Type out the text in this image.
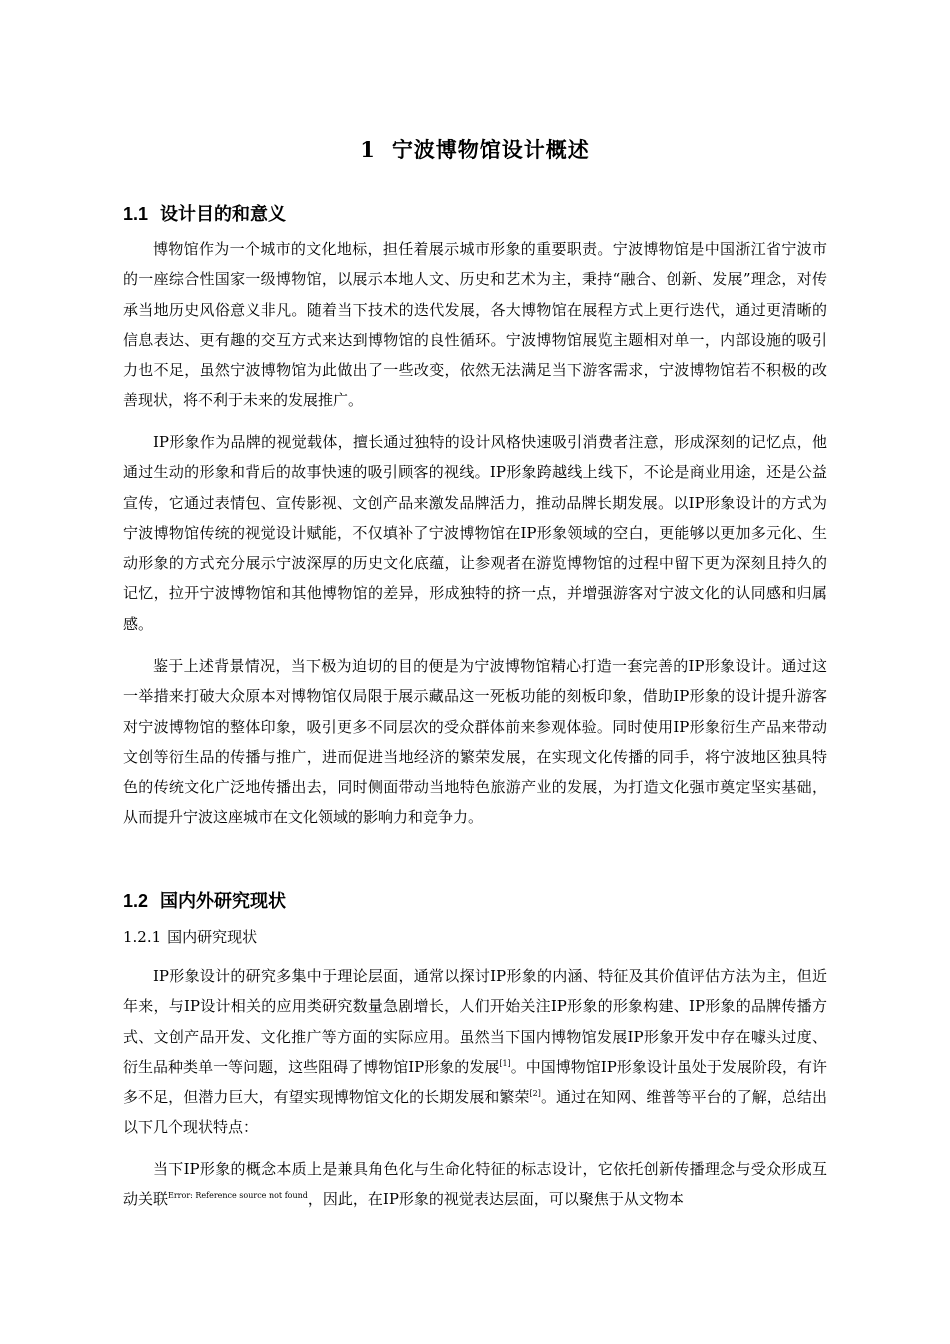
1 宁波博物馆设计概述
1.1 设计目的和意义

博物馆作为一个城市的文化地标，担任着展示城市形象的重要职责。宁波博物馆是中国浙江省宁波市的一座综合性国家一级博物馆，以展示本地人文、历史和艺术为主，秉持“融合、创新、发展”理念，对传承当地历史风俗意义非凡。随着当下技术的迭代发展，各大博物馆在展程方式上更行迭代，通过更清晰的信息表达、更有趣的交互方式来达到博物馆的良性循环。宁波博物馆展览主题相对单一，内部设施的吸引力也不足，虽然宁波博物馆为此做出了一些改变，依然无法满足当下游客需求，宁波博物馆若不积极的改善现状，将不利于未来的发展推广。

IP形象作为品牌的视觉载体，擅长通过独特的设计风格快速吸引消费者注意，形成深刻的记忆点，他通过生动的形象和背后的故事快速的吸引顾客的视线。IP形象跨越线上线下，不论是商业用途，还是公益宣传，它通过表情包、宣传影视、文创产品来激发品牌活力，推动品牌长期发展。以IP形象设计的方式为宁波博物馆传统的视觉设计赋能，不仅填补了宁波博物馆在IP形象领域的空白，更能够以更加多元化、生动形象的方式充分展示宁波深厚的历史文化底蕴，让参观者在游览博物馆的过程中留下更为深刻且持久的记忆，拉开宁波博物馆和其他博物馆的差异，形成独特的挤一点，并增强游客对宁波文化的认同感和归属感。

鉴于上述背景情况，当下极为迫切的目的便是为宁波博物馆精心打造一套完善的IP形象设计。通过这一举措来打破大众原本对博物馆仅局限于展示藏品这一死板功能的刻板印象，借助IP形象的设计提升游客对宁波博物馆的整体印象，吸引更多不同层次的受众群体前来参观体验。同时使用IP形象衍生产品来带动文创等衍生品的传播与推广，进而促进当地经济的繁荣发展，在实现文化传播的同手，将宁波地区独具特色的传统文化广泛地传播出去，同时侧面带动当地特色旅游产业的发展，为打造文化强市奠定坚实基础，从而提升宁波这座城市在文化领域的影响力和竞争力。

1.2 国内外研究现状
1.2.1 国内研究现状

IP形象设计的研究多集中于理论层面，通常以探讨IP形象的内涵、特征及其价值评估方法为主，但近年来，与IP设计相关的应用类研究数量急剧增长，人们开始关注IP形象的形象构建、IP形象的品牌传播方式、文创产品开发、文化推广等方面的实际应用。虽然当下国内博物馆发展IP形象开发中存在噱头过度、衍生品种类单一等问题，这些阻碍了博物馆IP形象的发展[1]。中国博物馆IP形象设计虽处于发展阶段，有许多不足，但潜力巨大，有望实现博物馆文化的长期发展和繁荣[2]。通过在知网、维普等平台的了解，总结出以下几个现状特点：

当下IP形象的概念本质上是兼具角色化与生命化特征的标志设计，它依托创新传播理念与受众形成互动关联$^{Error: Reference source not found}$，因此，在IP形象的视觉表达层面，可以聚焦于从文物本
